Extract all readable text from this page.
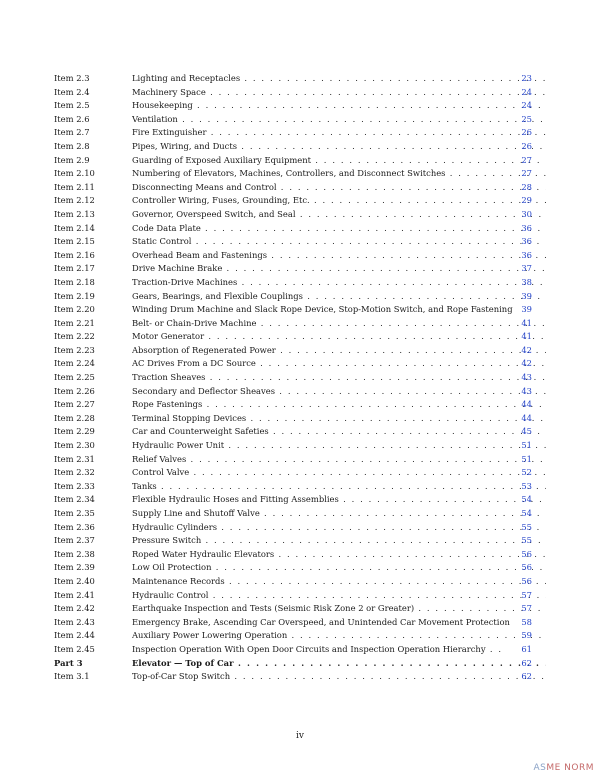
Item 2.3	Lighting and Receptacles . . .	23
Item 2.4	Machinery Space . . .	24
Item 2.5	Housekeeping . . .	24
Item 2.6	Ventilation . . .	25
Item 2.7	Fire Extinguisher . . .	26
Item 2.8	Pipes, Wiring, and Ducts . . .	26
Item 2.9	Guarding of Exposed Auxiliary Equipment . . .	27
Item 2.10	Numbering of Elevators, Machines, Controllers, and Disconnect Switches . . .	27
Item 2.11	Disconnecting Means and Control . . .	28
Item 2.12	Controller Wiring, Fuses, Grounding, Etc. . . .	29
Item 2.13	Governor, Overspeed Switch, and Seal . . .	30
Item 2.14	Code Data Plate . . .	36
Item 2.15	Static Control . . .	36
Item 2.16	Overhead Beam and Fastenings . . .	36
Item 2.17	Drive Machine Brake . . .	37
Item 2.18	Traction-Drive Machines . . .	38
Item 2.19	Gears, Bearings, and Flexible Couplings . . .	39
Item 2.20	Winding Drum Machine and Slack Rope Device, Stop-Motion Switch, and Rope Fastening	39
Item 2.21	Belt- or Chain-Drive Machine . . .	41
Item 2.22	Motor Generator . . .	41
Item 2.23	Absorption of Regenerated Power . . .	42
Item 2.24	AC Drives From a DC Source . . .	42
Item 2.25	Traction Sheaves . . .	43
Item 2.26	Secondary and Deflector Sheaves . . .	43
Item 2.27	Rope Fastenings . . .	44
Item 2.28	Terminal Stopping Devices . . .	44
Item 2.29	Car and Counterweight Safeties . . .	45
Item 2.30	Hydraulic Power Unit . . .	51
Item 2.31	Relief Valves . . .	51
Item 2.32	Control Valve . . .	52
Item 2.33	Tanks . . .	53
Item 2.34	Flexible Hydraulic Hoses and Fitting Assemblies . . .	54
Item 2.35	Supply Line and Shutoff Valve . . .	54
Item 2.36	Hydraulic Cylinders . . .	55
Item 2.37	Pressure Switch . . .	55
Item 2.38	Roped Water Hydraulic Elevators . . .	56
Item 2.39	Low Oil Protection . . .	56
Item 2.40	Maintenance Records . . .	56
Item 2.41	Hydraulic Control . . .	57
Item 2.42	Earthquake Inspection and Tests (Seismic Risk Zone 2 or Greater) . . .	57
Item 2.43	Emergency Brake, Ascending Car Overspeed, and Unintended Car Movement Protection	58
Item 2.44	Auxiliary Power Lowering Operation . . .	59
Item 2.45	Inspection Operation With Open Door Circuits and Inspection Operation Hierarchy . .	61
Part 3	Elevator — Top of Car . . .	62
Item 3.1	Top-of-Car Stop Switch . . .	62
iv
ASME NORM
